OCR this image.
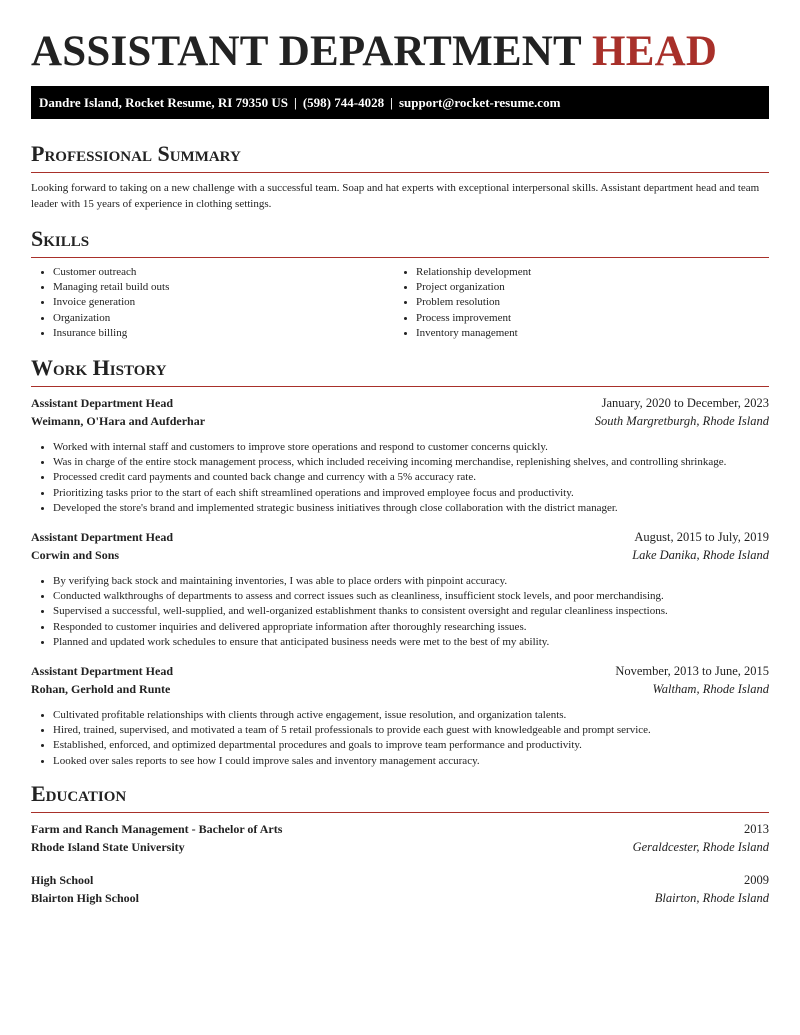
ASSISTANT DEPARTMENT HEAD
Dandre Island, Rocket Resume, RI 79350 US | (598) 744-4028 | support@rocket-resume.com
Professional Summary

Looking forward to taking on a new challenge with a successful team. Soap and hat experts with exceptional interpersonal skills. Assistant department head and team leader with 15 years of experience in clothing settings.

Skills
• Customer outreach
• Managing retail build outs
• Invoice generation
• Organization
• Insurance billing
• Relationship development
• Project organization
• Problem resolution
• Process improvement
• Inventory management
Work History
Assistant Department Head	January, 2020 to December, 2023
Weimann, O'Hara and Aufderhar	South Margretburgh, Rhode Island
• Worked with internal staff and customers to improve store operations and respond to customer concerns quickly.
• Was in charge of the entire stock management process, which included receiving incoming merchandise, replenishing shelves, and controlling shrinkage.
• Processed credit card payments and counted back change and currency with a 5% accuracy rate.
• Prioritizing tasks prior to the start of each shift streamlined operations and improved employee focus and productivity.
• Developed the store's brand and implemented strategic business initiatives through close collaboration with the district manager.
Assistant Department Head	August, 2015 to July, 2019
Corwin and Sons	Lake Danika, Rhode Island
• By verifying back stock and maintaining inventories, I was able to place orders with pinpoint accuracy.
• Conducted walkthroughs of departments to assess and correct issues such as cleanliness, insufficient stock levels, and poor merchandising.
• Supervised a successful, well-supplied, and well-organized establishment thanks to consistent oversight and regular cleanliness inspections.
• Responded to customer inquiries and delivered appropriate information after thoroughly researching issues.
• Planned and updated work schedules to ensure that anticipated business needs were met to the best of my ability.
Assistant Department Head	November, 2013 to June, 2015
Rohan, Gerhold and Runte	Waltham, Rhode Island
• Cultivated profitable relationships with clients through active engagement, issue resolution, and organization talents.
• Hired, trained, supervised, and motivated a team of 5 retail professionals to provide each guest with knowledgeable and prompt service.
• Established, enforced, and optimized departmental procedures and goals to improve team performance and productivity.
• Looked over sales reports to see how I could improve sales and inventory management accuracy.
Education
Farm and Ranch Management - Bachelor of Arts	2013
Rhode Island State University	Geraldcester, Rhode Island
High School	2009
Blairton High School	Blairton, Rhode Island
